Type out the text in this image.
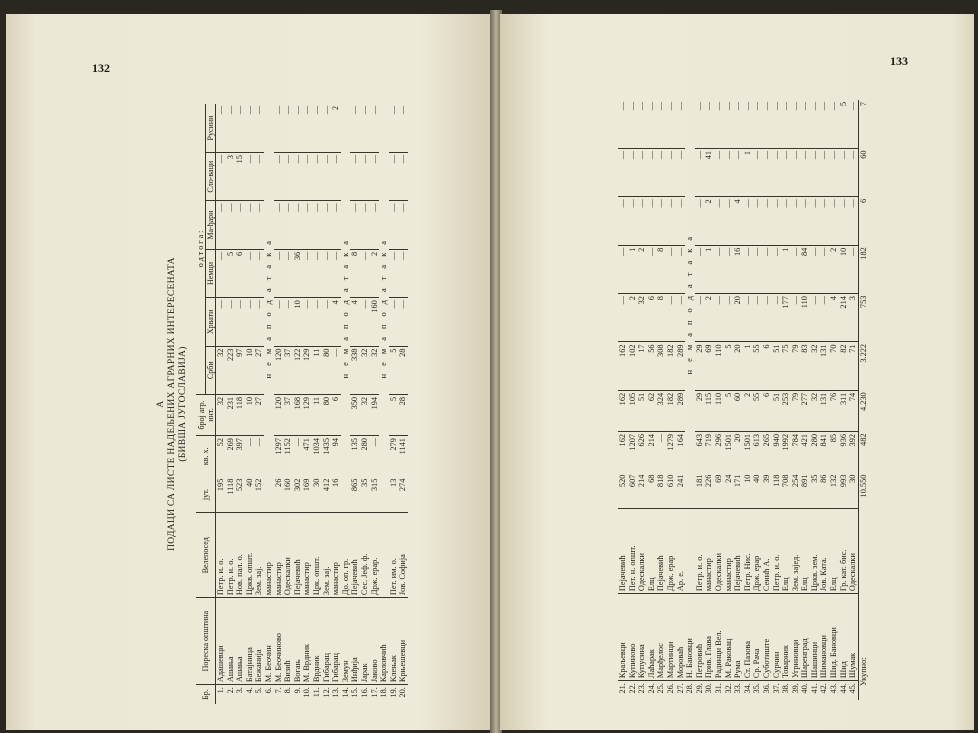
132
А ПОДАЦИ СА ЛИСТЕ НАДЕЉЕНИХ АГРАРНИХ ИНТЕРЕСЕНАТА (БИВША ЈУГОСЛАВИЈА)
Бр.	Пореска општина	Велепосед	јут.	кв. х.	број агр. инт.	о д т о г а :					
						Срби	Хрвати	Немци	Ма-ђари	Сло-ваци	Русини
1.	Адашевци	Петр. и. о.	195	52	32	32	—	—	—	—	—
2.	Ашања	Петр. и. о.	1118	269	231	223	—	5	—	3	—
3.	Ашања	Нов. пал. о.	523	397	118	97	—	6	—	15	—
4.	Батајница	Цркв. општ.	40	—	10	10	—	—	—	—	—
5.	Бежанија	Зем. зај.	152	—	27	27	—	—	—	—	—
6.	М. Беочин	манастир	н е м а п о д а т а к а								
7.	М. Беочиново	манастир	26	1297	120	120	—	—	—	—	—
8.	Визић	Одескалки	160	1152	37	37	—	—	—	—	—
9.	Вогањ	Пејачевић	302	—	168	122	10	36	—	—	—
10.	М. Врдник	манастир	169	471	129	129	—	—	—	—	—
11.	Врдник	Црк. општ.	30	1034	11	11	—	—	—	—	—
12.	Гибарац	Зем. зај.	412	1435	80	80	—	—	—	—	—
13.	Гибарац	манастир	16	94	6	—	4	—	—	—	2
14.	Земун	До. оп. гр.	н е м а п о д а т а к а								
15.	Инђија	Пејачевић	865	135	350	338	4	8	—	—	—
16.	Јарак	Сес. Јеф. ф.	35	280	32	32	—	—	—	—	—
17.	Јаково	Држ. ерар.	315	—	194	32	160	2	—	—	—
18.	Карловчић		н е м а п о д а т а к а								
19.	Клењак	Пет. им. о.	13	279	5	5	—	—	—	—	—
20.	Крњешевци	Јов. Софија	274	1141	28	28	—	—	—	—	—
133
21.	Краљевци	Пејачевић	520	162	162	162	—	—	—	—	—
22.	Купиново	Пет. н. општ.	607	1207	105	102	2	1	—	—	—
23.	Купусина	Одескалки	214	626	51	17	32	2	—	—	—
24.	Лаћарак	Елц	68	214	62	56	6	—	—	—	—
25.	Марђелос	Пејачевић	818	—	324	308	8	8	—	—	—
26.	Мартинци	Држ. ерар	610	1279	182	182	—	—	—	—	—
27.	Мороваћ	Ар. е.	241	164	289	289	—	—	—	—	—
28.	Н. Бановци		н е м а п о д а т а к а								
29.	Петровић	Петр. и. о.	181	643	29	29	—	—	—	—	—
30.	Прив. Глава	манастир	226	719	115	69	2	1	2	41	—
31.	Радинци Вел.	Одескалки	69	296	110	110	—	—	—	—	—
32.	М. Раковац	манастир	24	1501	5	5	—	—	—	—	—
33.	Рума	Пејачевић	171	20	60	20	20	16	4	—	—
34.	Ст. Пазова	Петр. Нис.	10	1501	2	1	—	—	—	1	—
35.	Ср. Рача	Држ. ерар	40	613	55	55	—	—	—	—	—
36.	Суботиште	Сеинћ А.	39	265	6	6	—	—	—	—	—
37.	Сурчин	Петр. и. о.	118	940	51	51	—	—	—	—	—
38.	Товарник	Елц	708	1992	253	75	177	1	—	—	—
39.	Угриновци	Зем. зајед.	254	784	79	79	—	—	—	—	—
40.	Шаренград	Елц	891	421	277	83	110	84	—	—	—
41.	Шашинци	Цркв. зем.	35	280	32	32	—	—	—	—	—
42.	Шимановци	Јов. Ката.	86	841	131	131	—	—	—	—	—
43.	Шид. Бановци	Елц	132	85	76	70	4	2	—	—	—
44.	Шид	Гр. кат. бис.	993	936	311	82	214	10	—	—	5
45.	Шумак	Одескалки	30	392	74	71	3	—	—	—	—
Укупно:			10.550	482	4.230	3.222	753	182	6	60	7
